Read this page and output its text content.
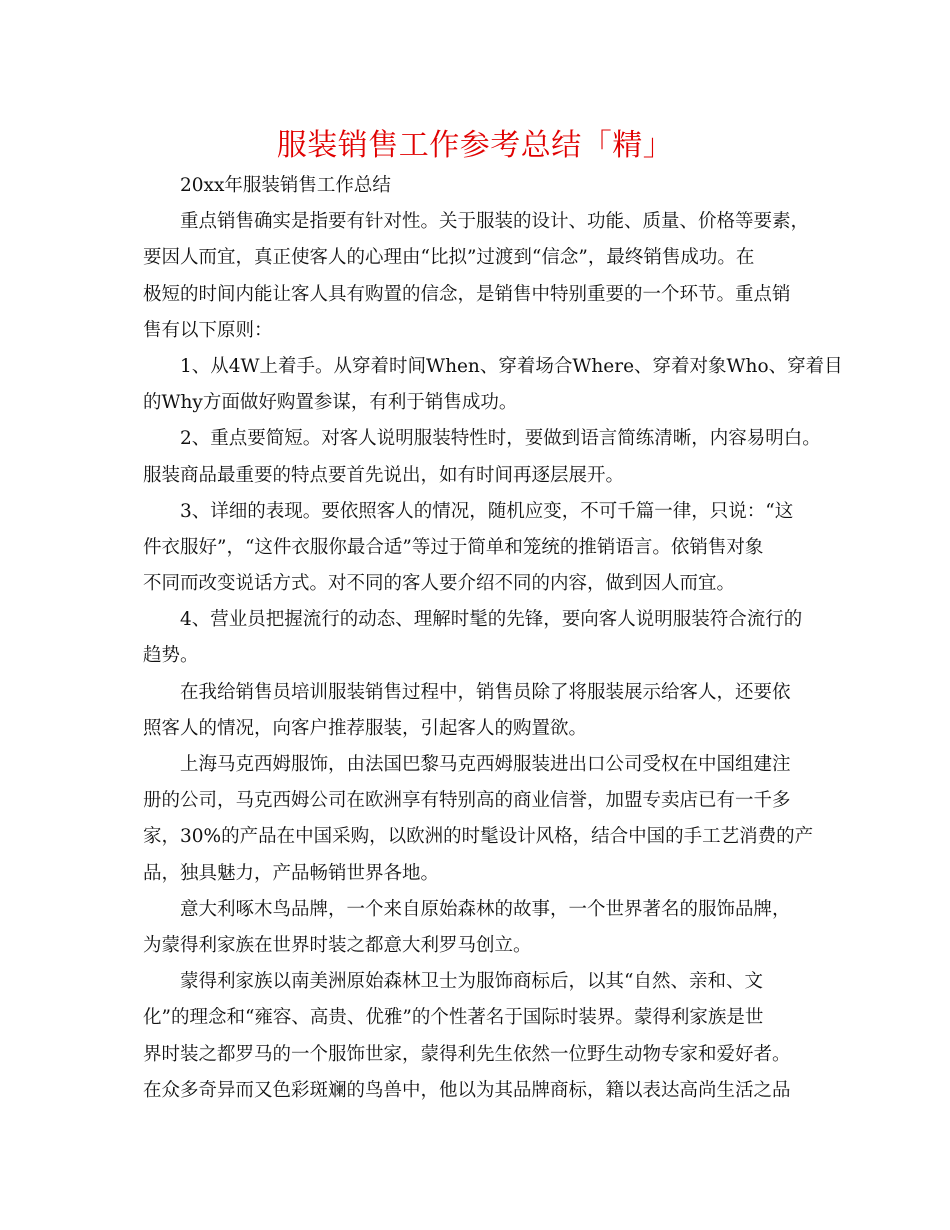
服装销售工作参考总结「精」
20xx年服装销售工作总结
重点销售确实是指要有针对性。关于服装的设计、功能、质量、价格等要素，
要因人而宜，真正使客人的心理由“比拟”过渡到“信念”，最终销售成功。在
极短的时间内能让客人具有购置的信念，是销售中特别重要的一个环节。重点销
售有以下原则：
1、从4W上着手。从穿着时间When、穿着场合Where、穿着对象Who、穿着目
的Why方面做好购置参谋，有利于销售成功。
2、重点要简短。对客人说明服装特性时，要做到语言简练清晰，内容易明白。
服装商品最重要的特点要首先说出，如有时间再逐层展开。
3、详细的表现。要依照客人的情况，随机应变，不可千篇一律，只说：“这
件衣服好”，“这件衣服你最合适”等过于简单和笼统的推销语言。依销售对象
不同而改变说话方式。对不同的客人要介绍不同的内容，做到因人而宜。
4、营业员把握流行的动态、理解时髦的先锋，要向客人说明服装符合流行的
趋势。
在我给销售员培训服装销售过程中，销售员除了将服装展示给客人，还要依
照客人的情况，向客户推荐服装，引起客人的购置欲。
上海马克西姆服饰，由法国巴黎马克西姆服装进出口公司受权在中国组建注
册的公司，马克西姆公司在欧洲享有特别高的商业信誉，加盟专卖店已有一千多
家，30%的产品在中国采购，以欧洲的时髦设计风格，结合中国的手工艺消费的产
品，独具魅力，产品畅销世界各地。
意大利啄木鸟品牌，一个来自原始森林的故事，一个世界著名的服饰品牌，
为蒙得利家族在世界时装之都意大利罗马创立。
蒙得利家族以南美洲原始森林卫士为服饰商标后，以其“自然、亲和、文
化”的理念和“雍容、高贵、优雅”的个性著名于国际时装界。蒙得利家族是世
界时装之都罗马的一个服饰世家，蒙得利先生依然一位野生动物专家和爱好者。
在众多奇异而又色彩斑斓的鸟兽中，他以为其品牌商标，籍以表达高尚生活之品
